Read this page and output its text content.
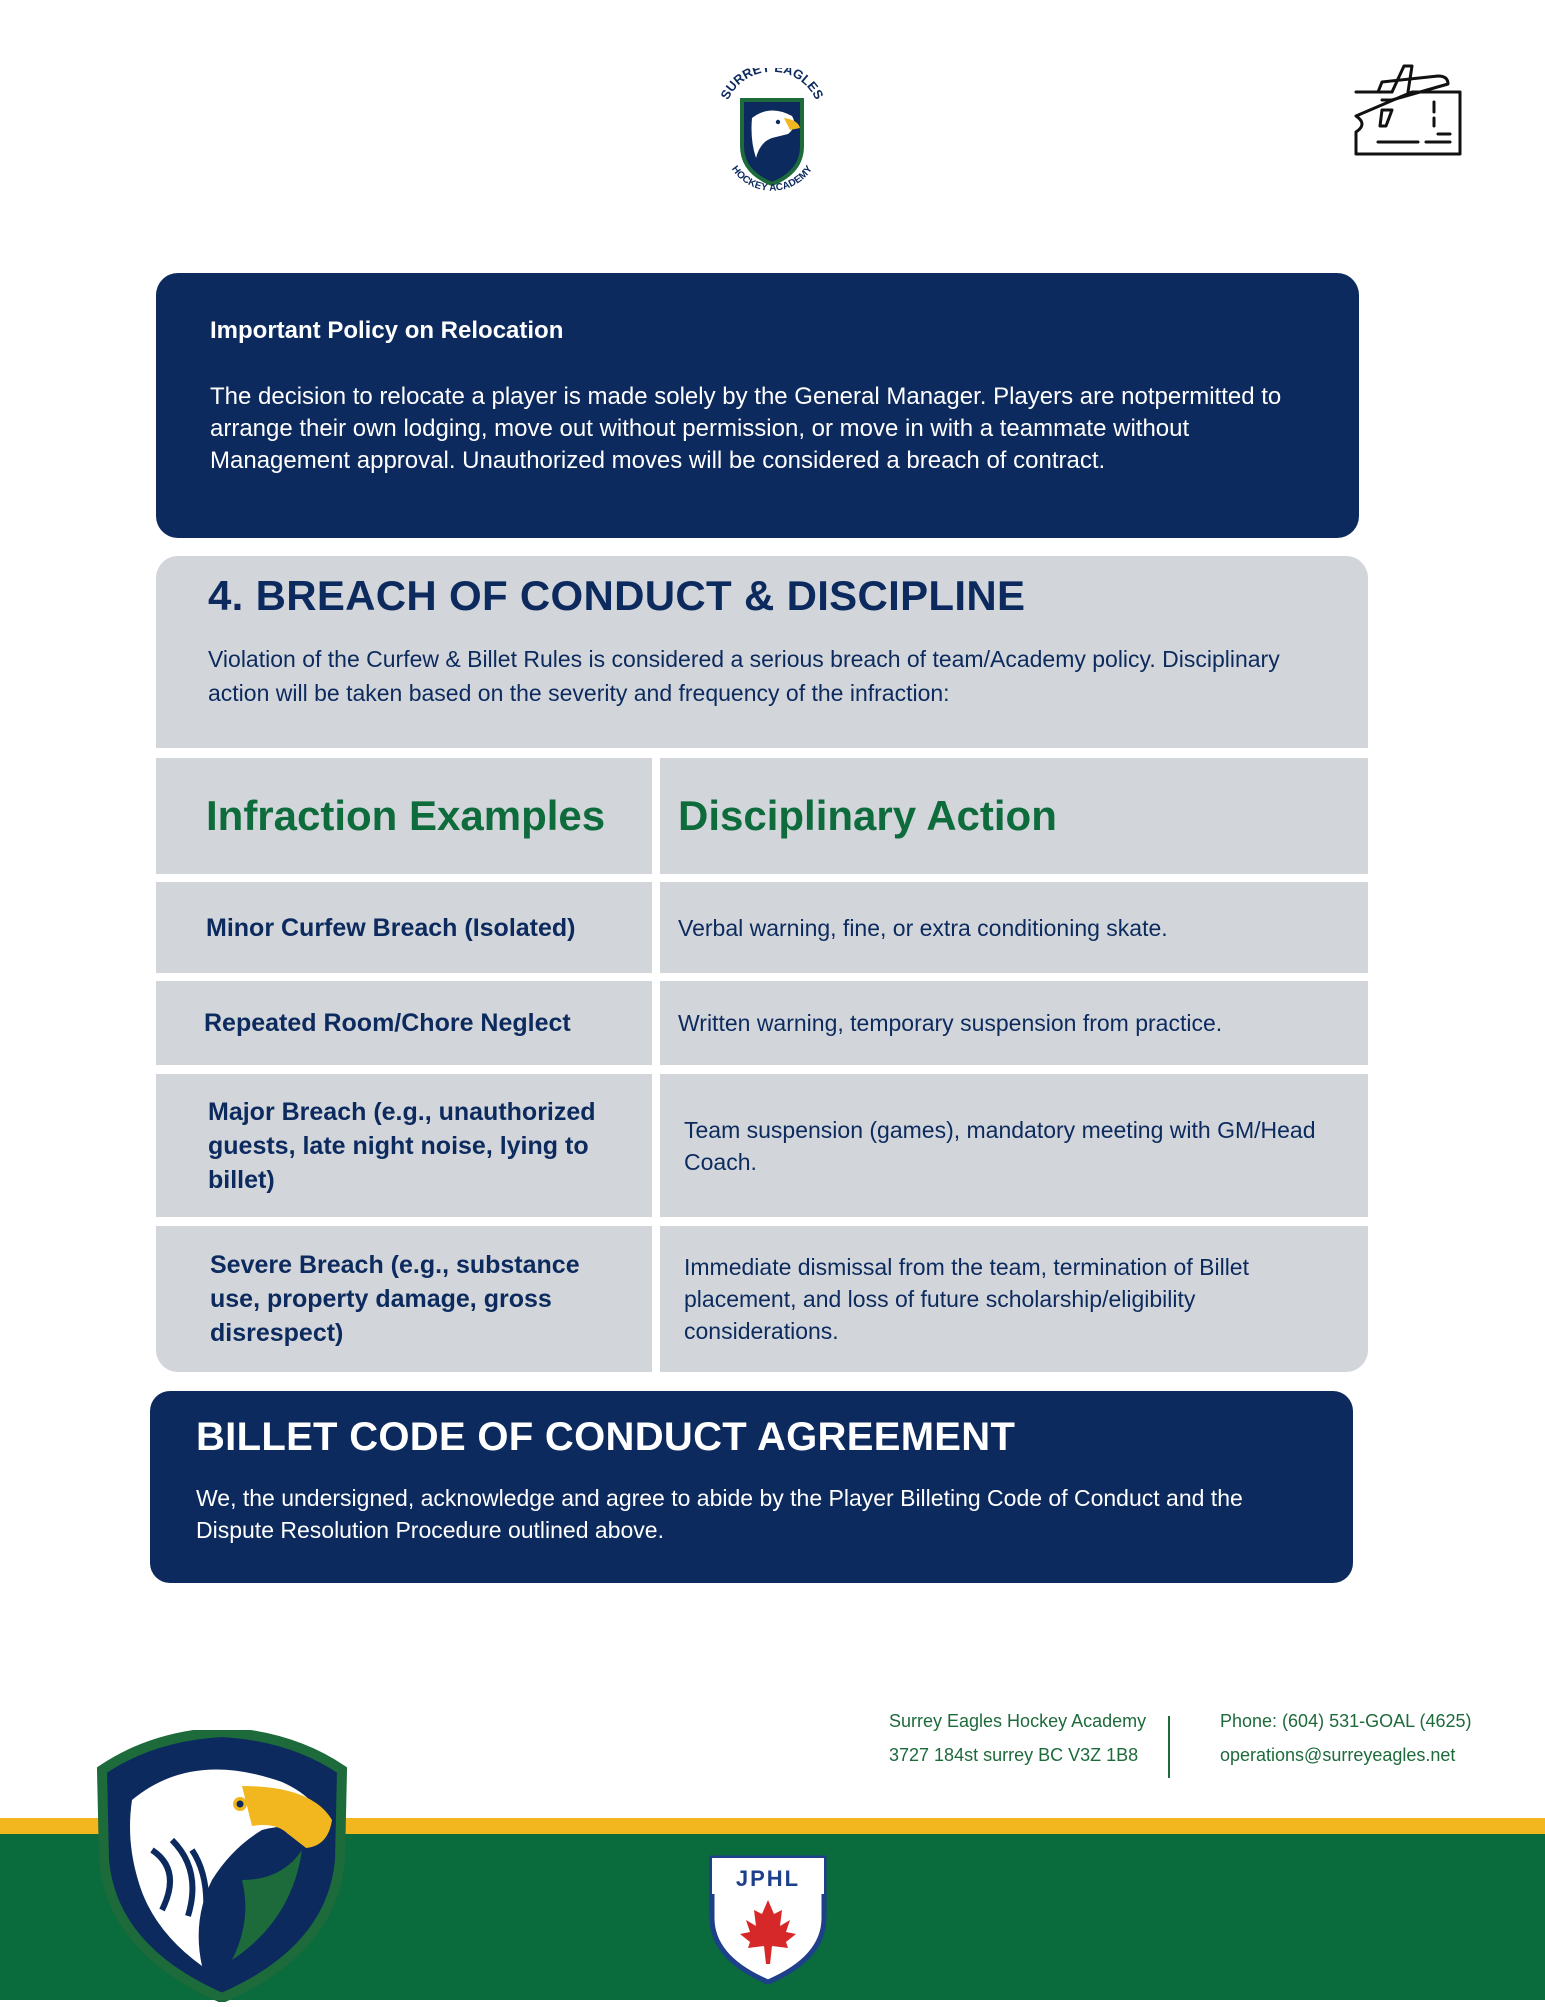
SURRE AGLES
HOCKEY ACADEMY

Important Policy on Relocation

The decision to relocate a player is made solely by the General Manager. Players are notpermitted to arrange their own lodging, move out without permission, or move in with a teammate without Management approval. Unauthorized moves will be considered a breach of contract.

4. BREACH OF CONDUCT & DISCIPLINE

Violation of the Curfew & Billet Rules is considered a serious breach of team/Academy policy. Disciplinary action will be taken based on the severity and frequency of the infraction:

Infraction Examples Disciplinary Action
Minor Curfew Breach (Isolated)	Verbal warning, fine, or extra conditioning skate.
Repeated Room/Chore Neglect	Written warning, temporary suspension from practice.
Major Breach (e.g., unauthorized guests, late night noise, lying to billet)
Team suspension (games), mandatory meeting with GM/Head Coach.
Severe Breach (e.g., substance use, property damage, gross disrespect)
Immediate dismissal from the team, termination of Billet placement, and loss of future scholarship/eligibility considerations.

BILLET CODE OF CONDUCT AGREEMENT

We, the undersigned, acknowledge and agree to abide by the Player Billeting Code of Conduct and the Dispute Resolution Procedure outlined above.

Surrey Eagles Hockey Academy
3727 184st surrey BC V3Z 1B8
Phone: (604) 531-GOAL (4625)
operations@surreyeagles.net
JPHL
